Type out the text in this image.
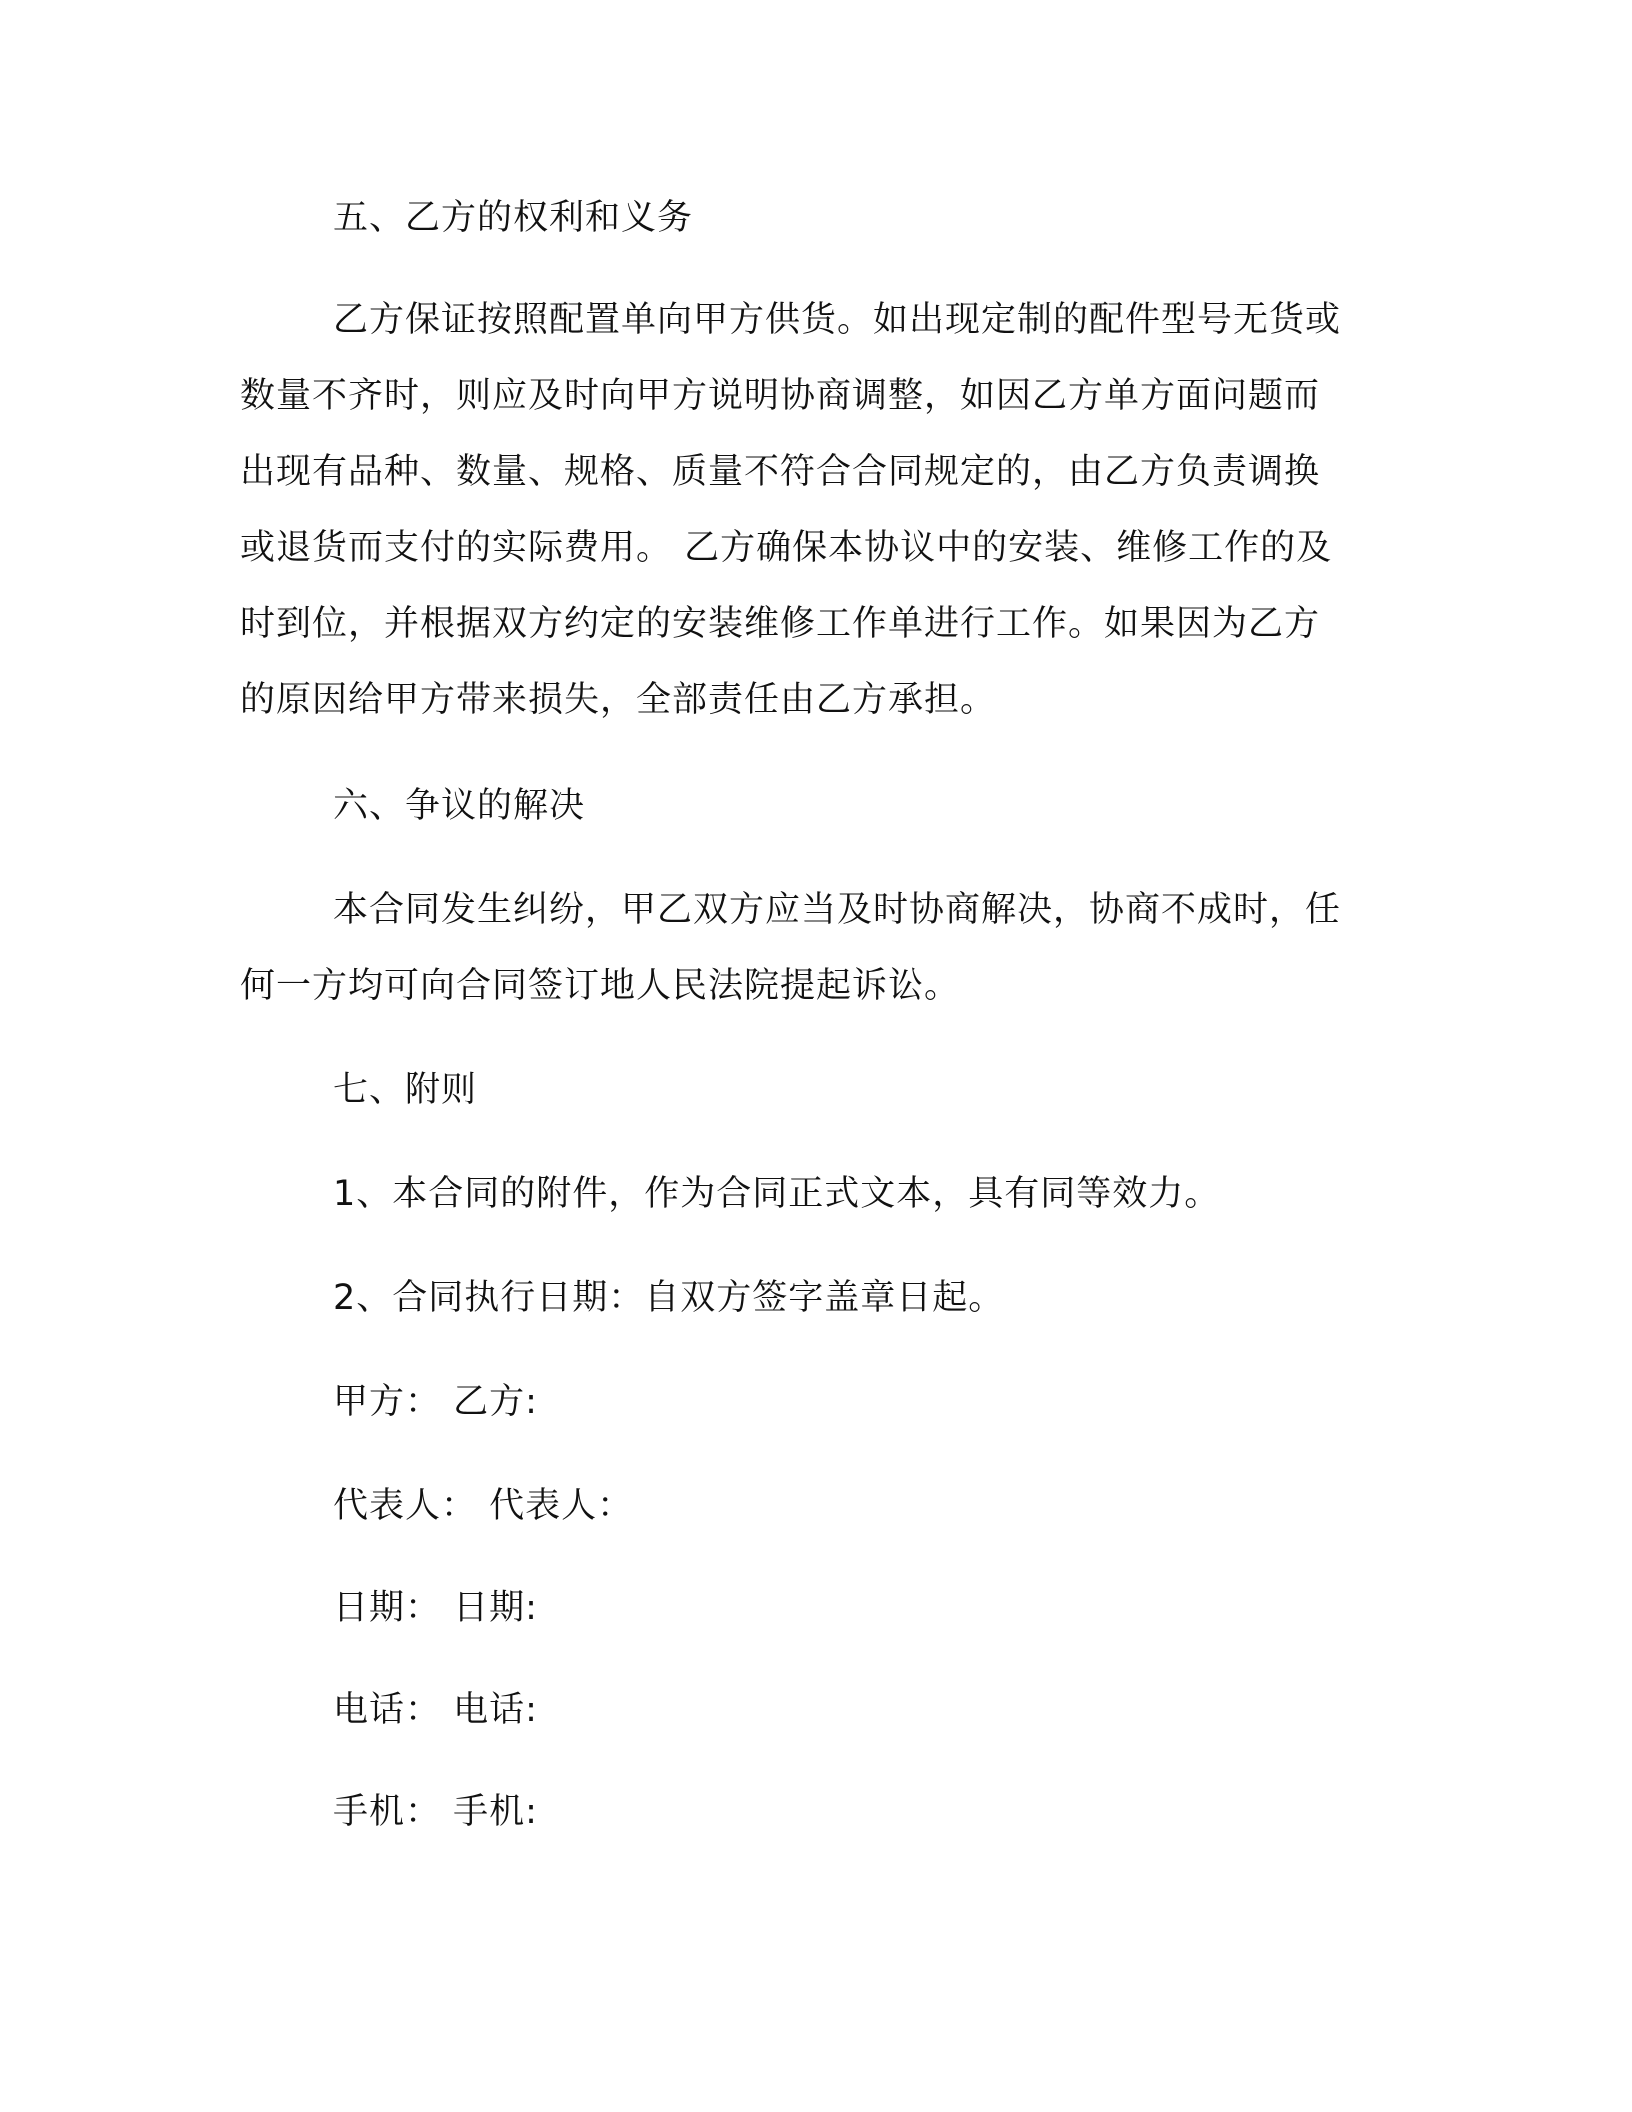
五、乙方的权利和义务
乙方保证按照配置单向甲方供货。如出现定制的配件型号无货或
数量不齐时，则应及时向甲方说明协商调整，如因乙方单方面问题而
出现有品种、数量、规格、质量不符合合同规定的，由乙方负责调换
或退货而支付的实际费用。 乙方确保本协议中的安装、维修工作的及
时到位，并根据双方约定的安装维修工作单进行工作。如果因为乙方
的原因给甲方带来损失，全部责任由乙方承担。
六、争议的解决
本合同发生纠纷，甲乙双方应当及时协商解决，协商不成时，任
何一方均可向合同签订地人民法院提起诉讼。
七、附则
1、本合同的附件，作为合同正式文本，具有同等效力。
2、合同执行日期：自双方签字盖章日起。
甲方： 乙方:
代表人： 代表人：
日期： 日期:
电话： 电话:
手机： 手机:
